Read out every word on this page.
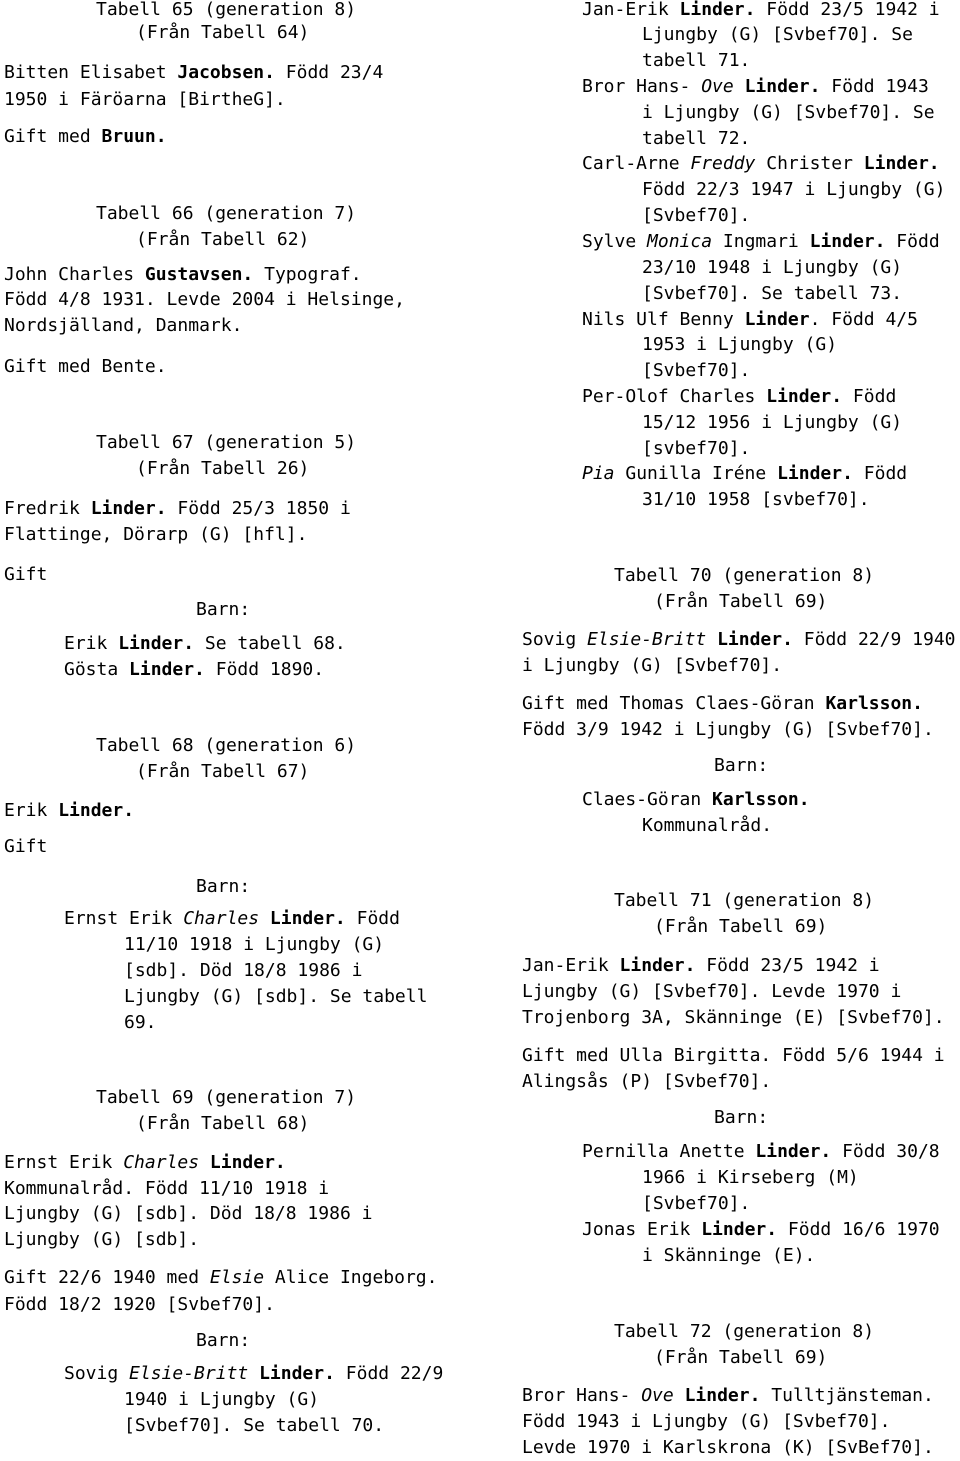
Tabell 65 (generation 8)
(Från Tabell 64)
Bitten Elisabet Jacobsen. Född 23/4
1950 i Färöarna [BirtheG].
Gift med Bruun.
Tabell 66 (generation 7)
(Från Tabell 62)
John Charles Gustavsen. Typograf.
Född 4/8 1931. Levde 2004 i Helsinge,
Nordsjälland, Danmark.
Gift med Bente.
Tabell 67 (generation 5)
(Från Tabell 26)
Fredrik Linder. Född 25/3 1850 i
Flattinge, Dörarp (G) [hfl].
Gift
Barn:
Erik Linder. Se tabell 68.
Gösta Linder. Född 1890.
Tabell 68 (generation 6)
(Från Tabell 67)
Erik Linder.
Gift
Barn:
Ernst Erik Charles Linder. Född
11/10 1918 i Ljungby (G)
[sdb]. Död 18/8 1986 i
Ljungby (G) [sdb]. Se tabell
69.
Tabell 69 (generation 7)
(Från Tabell 68)
Ernst Erik Charles Linder.
Kommunalråd. Född 11/10 1918 i
Ljungby (G) [sdb]. Död 18/8 1986 i
Ljungby (G) [sdb].
Gift 22/6 1940 med Elsie Alice Ingeborg.
Född 18/2 1920 [Svbef70].
Barn:
Sovig Elsie-Britt Linder. Född 22/9
1940 i Ljungby (G)
[Svbef70]. Se tabell 70.
Jan-Erik Linder. Född 23/5 1942 i
Ljungby (G) [Svbef70]. Se
tabell 71.
Bror Hans- Ove Linder. Född 1943
i Ljungby (G) [Svbef70]. Se
tabell 72.
Carl-Arne Freddy Christer Linder.
Född 22/3 1947 i Ljungby (G)
[Svbef70].
Sylve Monica Ingmari Linder. Född
23/10 1948 i Ljungby (G)
[Svbef70]. Se tabell 73.
Nils Ulf Benny Linder. Född 4/5
1953 i Ljungby (G)
[Svbef70].
Per-Olof Charles Linder. Född
15/12 1956 i Ljungby (G)
[svbef70].
Pia Gunilla Iréne Linder. Född
31/10 1958 [svbef70].
Tabell 70 (generation 8)
(Från Tabell 69)
Sovig Elsie-Britt Linder. Född 22/9 1940
i Ljungby (G) [Svbef70].
Gift med Thomas Claes-Göran Karlsson.
Född 3/9 1942 i Ljungby (G) [Svbef70].
Barn:
Claes-Göran Karlsson.
Kommunalråd.
Tabell 71 (generation 8)
(Från Tabell 69)
Jan-Erik Linder. Född 23/5 1942 i
Ljungby (G) [Svbef70]. Levde 1970 i
Trojenborg 3A, Skänninge (E) [Svbef70].
Gift med Ulla Birgitta. Född 5/6 1944 i
Alingsås (P) [Svbef70].
Barn:
Pernilla Anette Linder. Född 30/8
1966 i Kirseberg (M)
[Svbef70].
Jonas Erik Linder. Född 16/6 1970
i Skänninge (E).
Tabell 72 (generation 8)
(Från Tabell 69)
Bror Hans- Ove Linder. Tulltjänsteman.
Född 1943 i Ljungby (G) [Svbef70].
Levde 1970 i Karlskrona (K) [SvBef70].
